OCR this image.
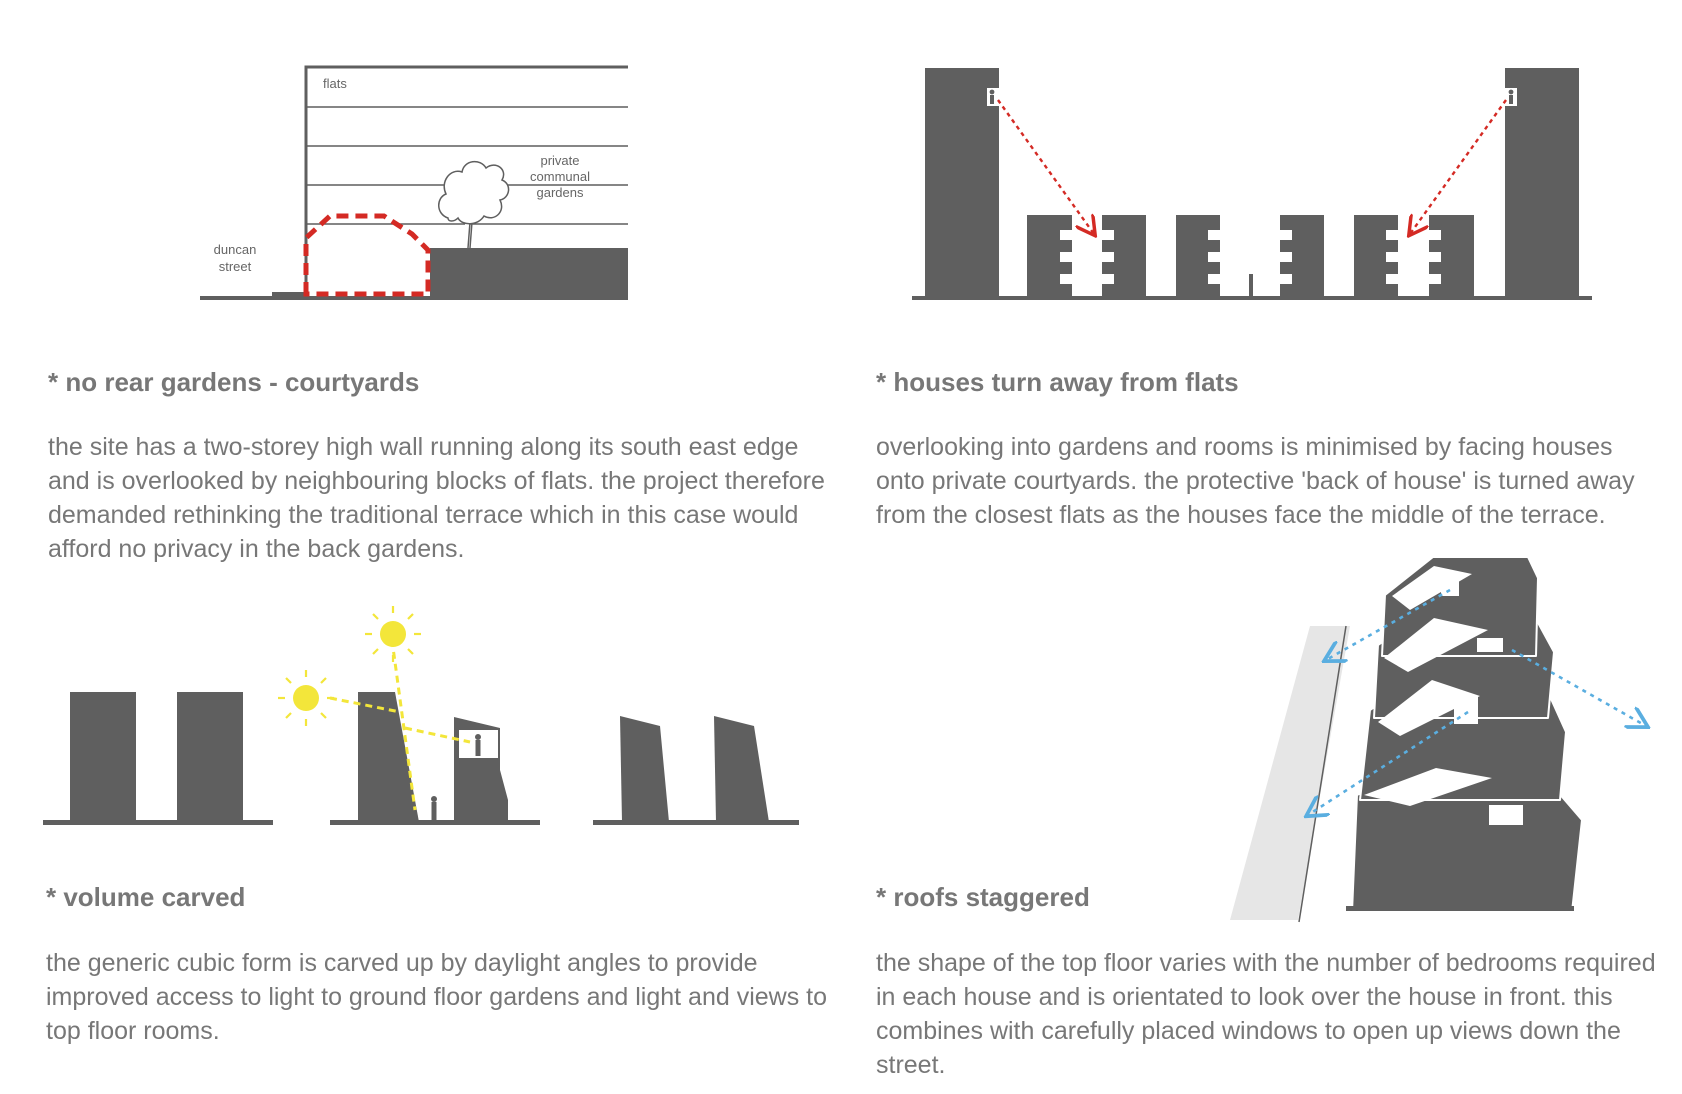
flats
private
communal
gardens
duncan
street
* no rear gardens - courtyards
the site has a two-storey high wall running along its south east edge
and is overlooked by neighbouring blocks of flats. the project therefore
demanded rethinking the traditional terrace which in this case would
afford no privacy in the back gardens.
* houses turn away from flats
overlooking into gardens and rooms is minimised by facing houses
onto private courtyards. the protective 'back of house' is turned away
from the closest flats as the houses face the middle of the terrace.
* volume carved
the generic cubic form is carved up by daylight angles to provide
improved access to light to ground floor gardens and light and views to
top floor rooms.
* roofs staggered
the shape of the top floor varies with the number of bedrooms required
in each house and is orientated to look over the house in front. this
combines with carefully placed windows to open up views down the
street.
